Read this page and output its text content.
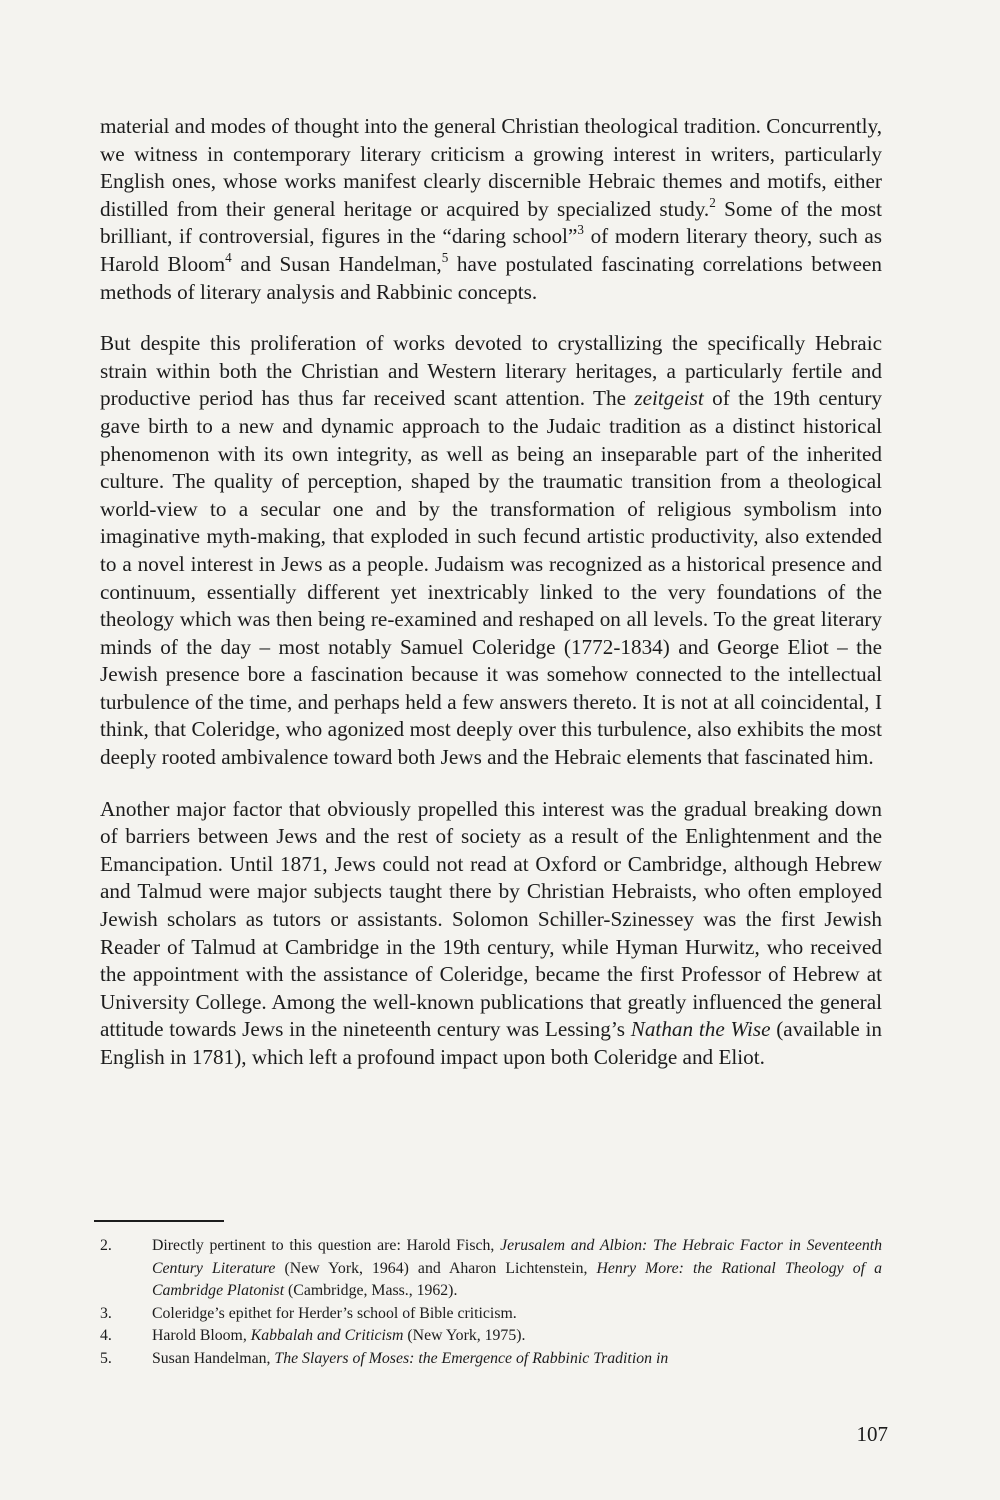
material and modes of thought into the general Christian theological tradition. Concurrently, we witness in contemporary literary criticism a growing interest in writers, particularly English ones, whose works manifest clearly discernible Hebraic themes and motifs, either distilled from their general heritage or acquired by specialized study.$^2$ Some of the most brilliant, if controversial, figures in the “daring school”$^3$ of modern literary theory, such as Harold Bloom$^4$ and Susan Handelman,$^5$ have postulated fascinating correlations between methods of literary analysis and Rabbinic concepts.

But despite this proliferation of works devoted to crystallizing the specifically Hebraic strain within both the Christian and Western literary heritages, a particularly fertile and productive period has thus far received scant attention. The zeitgeist of the 19th century gave birth to a new and dynamic approach to the Judaic tradition as a distinct historical phenomenon with its own integrity, as well as being an inseparable part of the inherited culture. The quality of perception, shaped by the traumatic transition from a theological world-view to a secular one and by the transformation of religious symbolism into imaginative myth-making, that exploded in such fecund artistic productivity, also extended to a novel interest in Jews as a people. Judaism was recognized as a historical presence and continuum, essentially different yet inextricably linked to the very foundations of the theology which was then being re-examined and reshaped on all levels. To the great literary minds of the day – most notably Samuel Coleridge (1772-1834) and George Eliot – the Jewish presence bore a fascination because it was somehow connected to the intellectual turbulence of the time, and perhaps held a few answers thereto. It is not at all coincidental, I think, that Coleridge, who agonized most deeply over this turbulence, also exhibits the most deeply rooted ambivalence toward both Jews and the Hebraic elements that fascinated him.

Another major factor that obviously propelled this interest was the gradual breaking down of barriers between Jews and the rest of society as a result of the Enlightenment and the Emancipation. Until 1871, Jews could not read at Oxford or Cambridge, although Hebrew and Talmud were major subjects taught there by Christian Hebraists, who often employed Jewish scholars as tutors or assistants. Solomon Schiller-Szinessey was the first Jewish Reader of Talmud at Cambridge in the 19th century, while Hyman Hurwitz, who received the appointment with the assistance of Coleridge, became the first Professor of Hebrew at University College. Among the well-known publications that greatly influenced the general attitude towards Jews in the nineteenth century was Lessing’s Nathan the Wise (available in English in 1781), which left a profound impact upon both Coleridge and Eliot.

2.	Directly pertinent to this question are: Harold Fisch, Jerusalem and Albion: The Hebraic Factor in Seventeenth Century Literature (New York, 1964) and Aharon Lichtenstein, Henry More: the Rational Theology of a Cambridge Platonist (Cambridge, Mass., 1962).
3.	Coleridge’s epithet for Herder’s school of Bible criticism.
4.	Harold Bloom, Kabbalah and Criticism (New York, 1975).
5.	Susan Handelman, The Slayers of Moses: the Emergence of Rabbinic Tradition in
107
